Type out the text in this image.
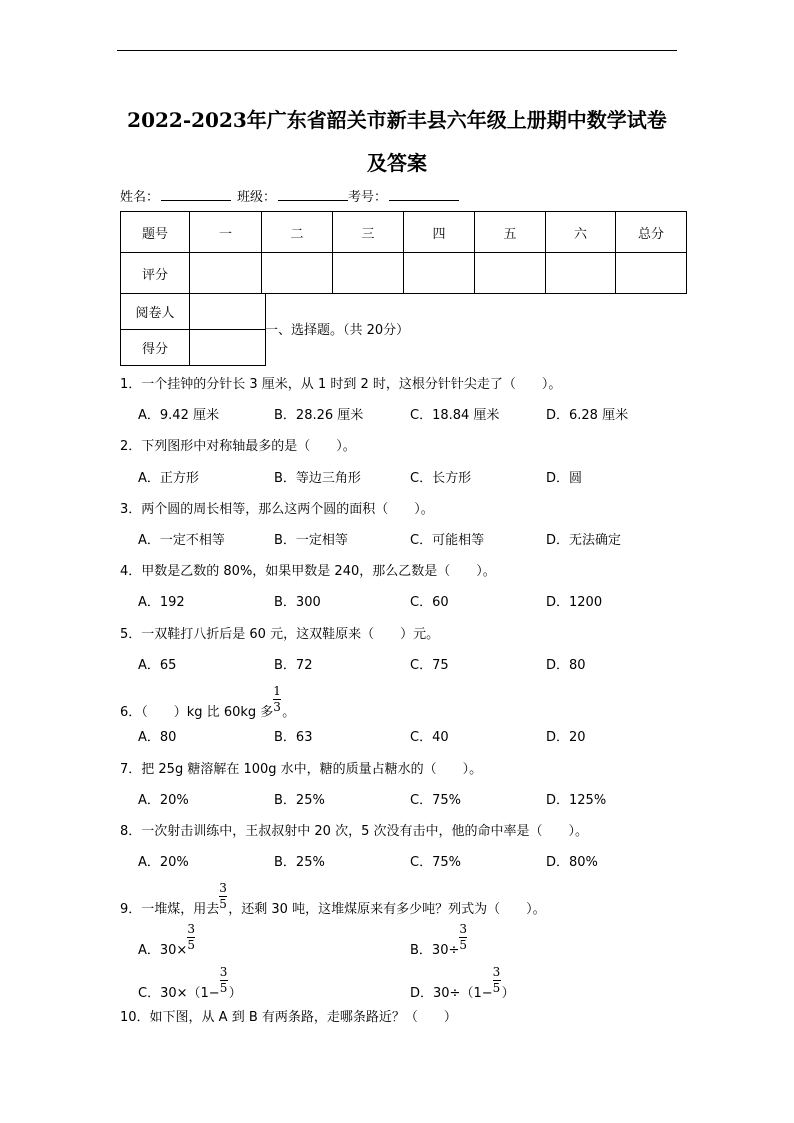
2022-2023年广东省韶关市新丰县六年级上册期中数学试卷
及答案
姓名：	班级：	考号：
题号	一	二	三	四	五	六	总分
评分							
阅卷人	
得分	
一、选择题。（共 20分）
1．一个挂钟的分针长 3 厘米，从 1 时到 2 时，这根分针针尖走了（　　）。
A．9.42 厘米	B．28.26 厘米	C．18.84 厘米	D．6.28 厘米
2．下列图形中对称轴最多的是（　　）。
A．正方形	B．等边三角形	C．长方形	D．圆
3．两个圆的周长相等，那么这两个圆的面积（　　）。
A．一定不相等	B．一定相等	C．可能相等	D．无法确定
4．甲数是乙数的 80%，如果甲数是 240，那么乙数是（　　）。
A．192	B．300	C．60	D．1200
5．一双鞋打八折后是 60 元，这双鞋原来（　　）元。
A．65	B．72	C．75	D．80
6．（　　）kg 比 60kg 多 $\frac{1}{3}$ 。
A．80	B．63	C．40	D．20
7．把 25g 糖溶解在 100g 水中，糖的质量占糖水的（　　）。
A．20%	B．25%	C．75%	D．125%
8．一次射击训练中，王叔叔射中 20 次，5 次没有击中，他的命中率是（　　）。
A．20%	B．25%	C．75%	D．80%
9．一堆煤，用去 $\frac{3}{5}$ ，还剩 30 吨，这堆煤原来有多少吨？列式为（　　）。
A．$30\times \frac{3}{5}$	B．$30\div \frac{3}{5}$
C．$30\times(1- \frac{3}{5}$ ）	D．$30\div(1- \frac{3}{5}$ ）
10．如下图，从 A 到 B 有两条路，走哪条路近？（　　）
